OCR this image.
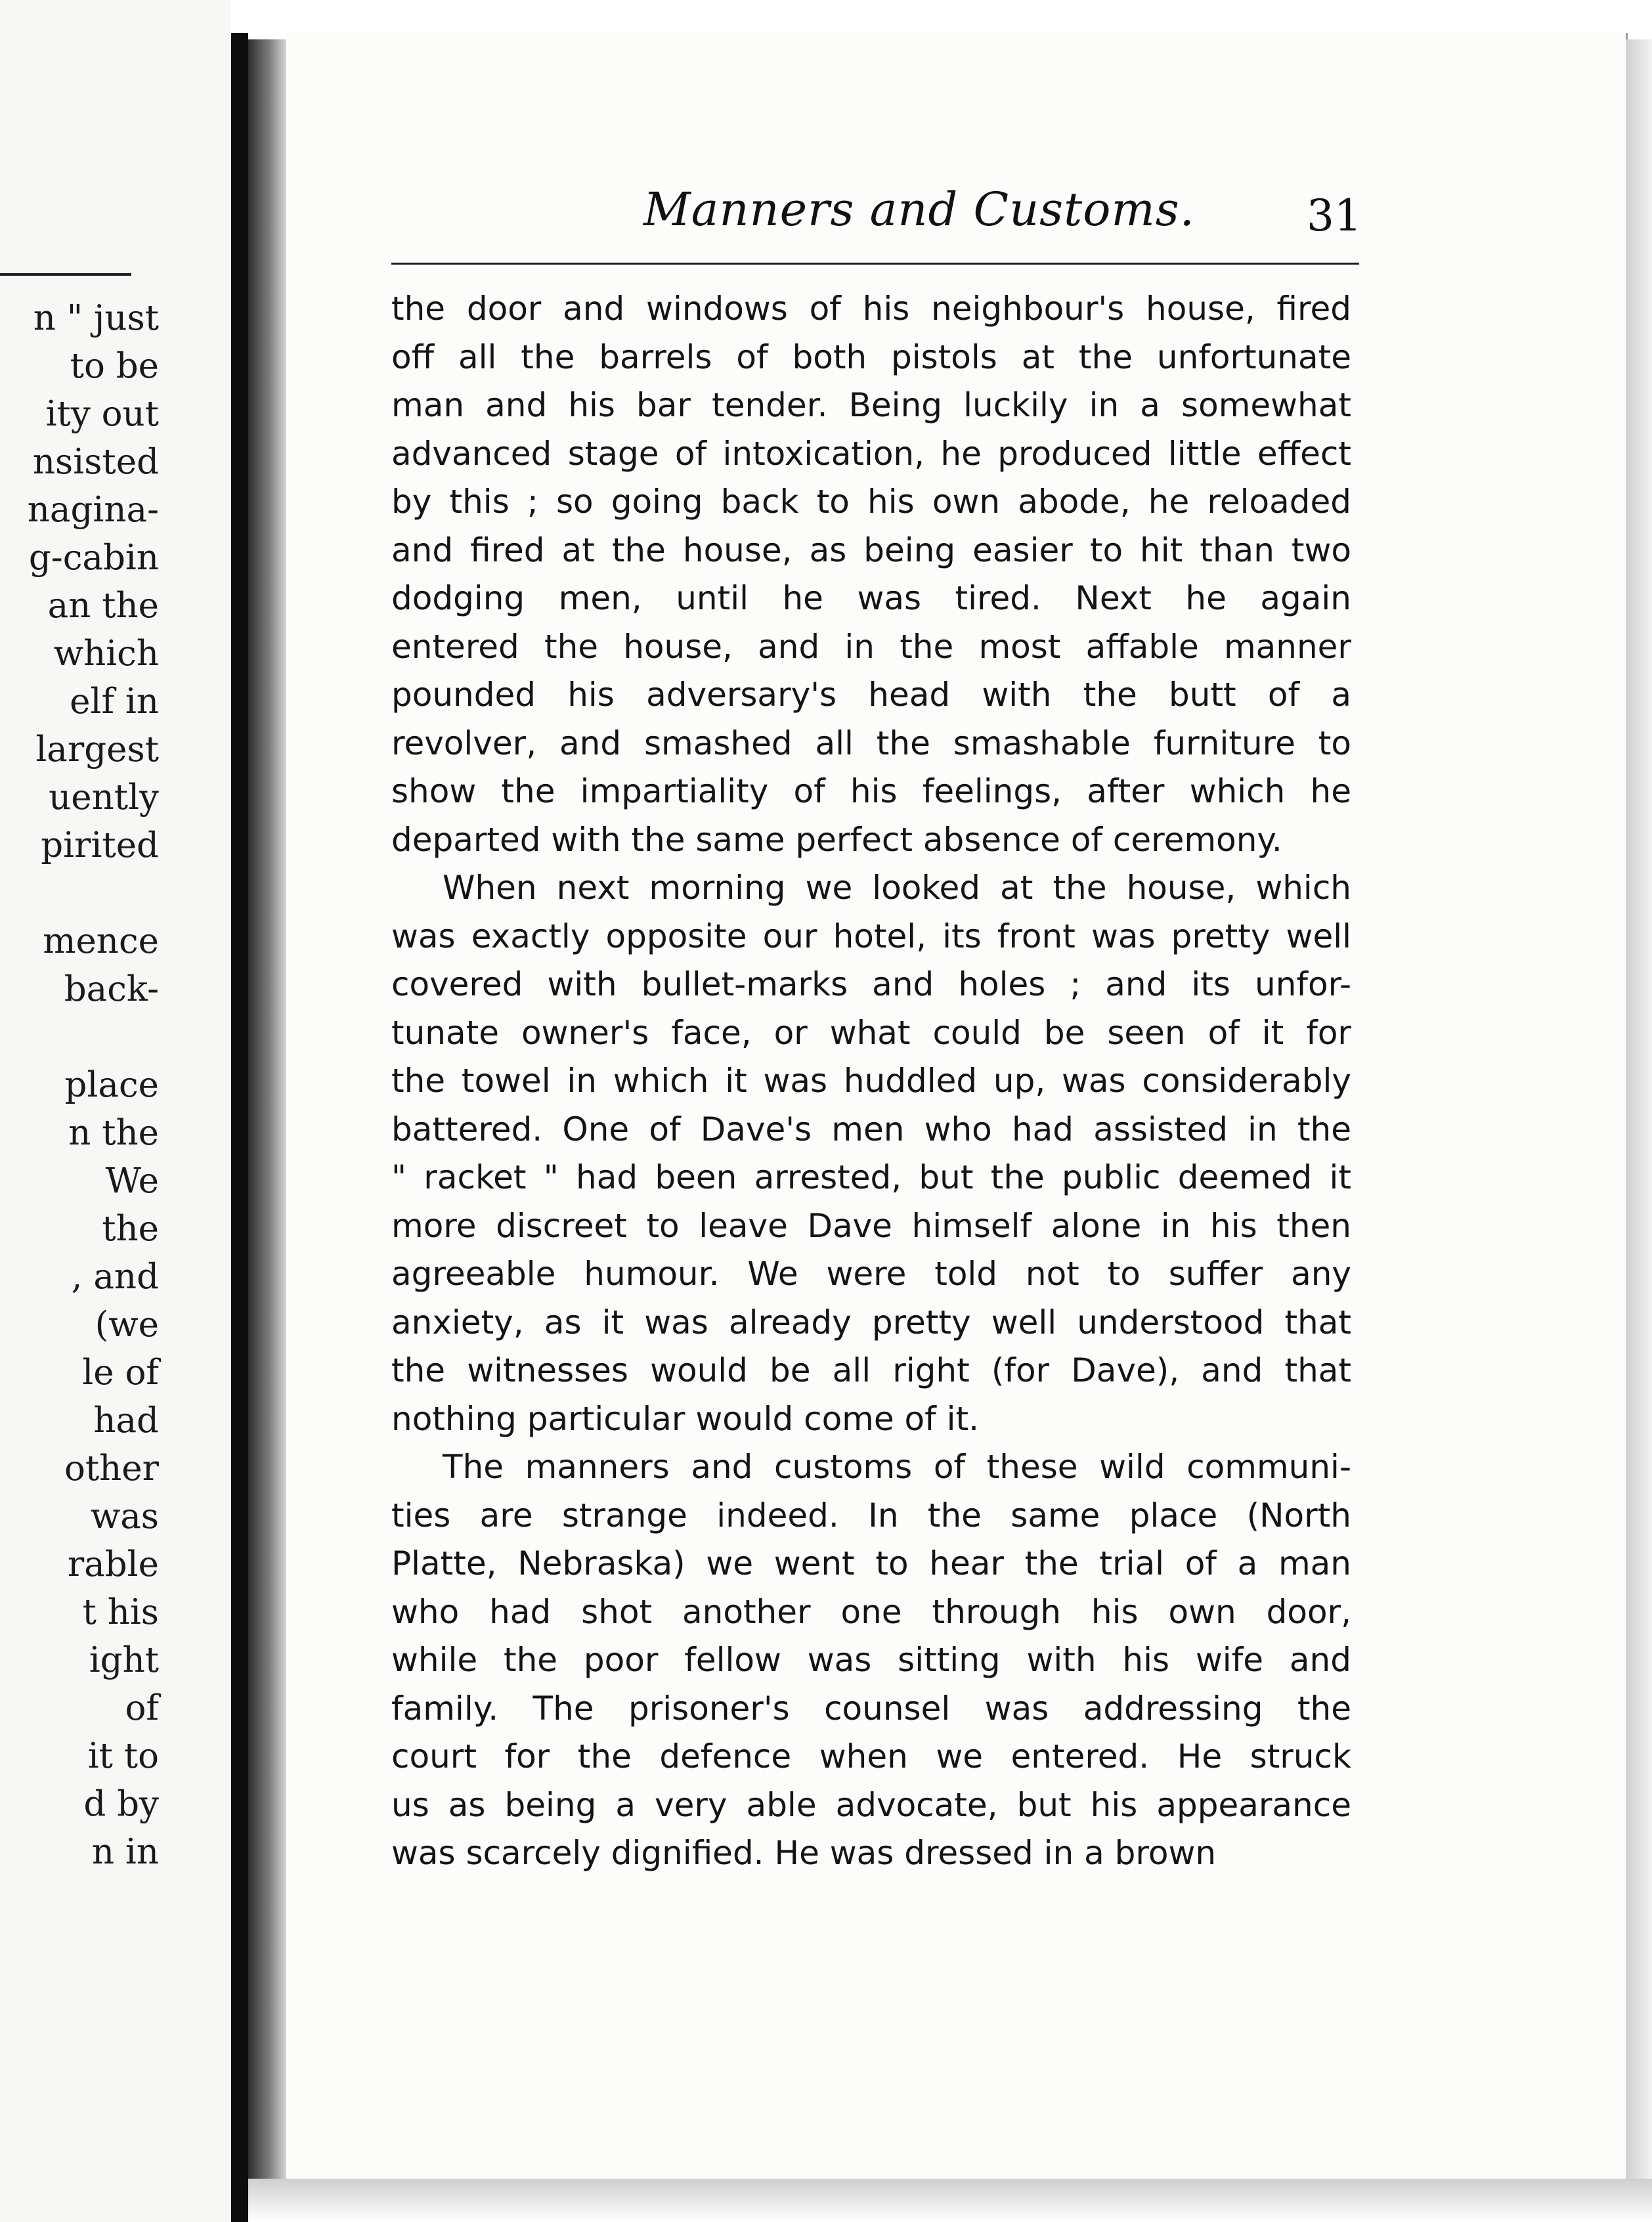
n " just
to be
ity out
nsisted
nagina-
g-cabin
an the
which
elf in
largest
uently
pirited
mence
back-
place
n the
We
the
, and
(we
le of
had
other
was
rable
t his
ight
of
it to
d by
n in
Manners and Customs.	31
the door and windows of his neighbour's house, fired
off all the barrels of both pistols at the unfortunate
man and his bar tender. Being luckily in a somewhat
advanced stage of intoxication, he produced little effect
by this ; so going back to his own abode, he reloaded
and fired at the house, as being easier to hit than two
dodging men, until he was tired. Next he again
entered the house, and in the most affable manner
pounded his adversary's head with the butt of a
revolver, and smashed all the smashable furniture to
show the impartiality of his feelings, after which he
departed with the same perfect absence of ceremony.
When next morning we looked at the house, which
was exactly opposite our hotel, its front was pretty well
covered with bullet-marks and holes ; and its unfor-
tunate owner's face, or what could be seen of it for
the towel in which it was huddled up, was considerably
battered. One of Dave's men who had assisted in the
" racket " had been arrested, but the public deemed it
more discreet to leave Dave himself alone in his then
agreeable humour. We were told not to suffer any
anxiety, as it was already pretty well understood that
the witnesses would be all right (for Dave), and that
nothing particular would come of it.
The manners and customs of these wild communi-
ties are strange indeed. In the same place (North
Platte, Nebraska) we went to hear the trial of a man
who had shot another one through his own door,
while the poor fellow was sitting with his wife and
family. The prisoner's counsel was addressing the
court for the defence when we entered. He struck
us as being a very able advocate, but his appearance
was scarcely dignified. He was dressed in a brown
